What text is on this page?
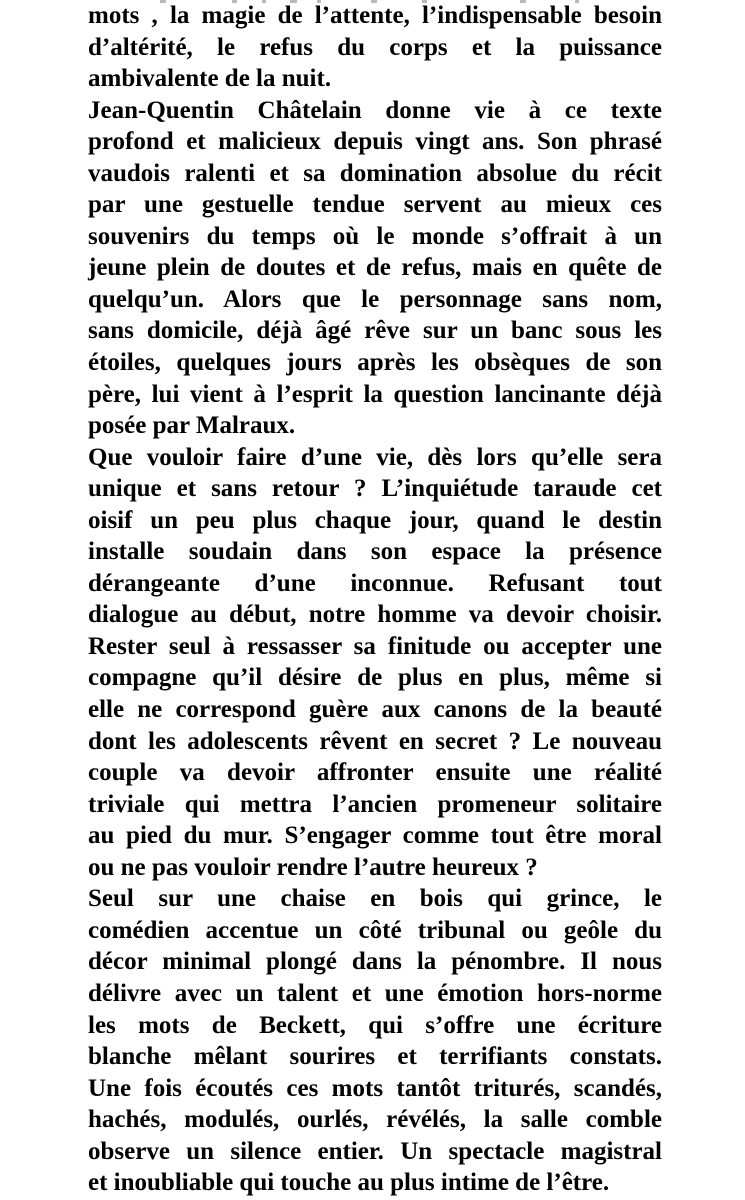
mots , la magie de l’attente, l’indispensable besoin
d’altérité, le refus du corps et la puissance
ambivalente de la nuit.
Jean-Quentin Châtelain donne vie à ce texte
profond et malicieux depuis vingt ans. Son phrasé
vaudois ralenti et sa domination absolue du récit
par une gestuelle tendue servent au mieux ces
souvenirs du temps où le monde s’offrait à un
jeune plein de doutes et de refus, mais en quête de
quelqu’un. Alors que le personnage sans nom,
sans domicile, déjà âgé rêve sur un banc sous les
étoiles, quelques jours après les obsèques de son
père, lui vient à l’esprit la question lancinante déjà
posée par Malraux.
Que vouloir faire d’une vie, dès lors qu’elle sera
unique et sans retour ? L’inquiétude taraude cet
oisif un peu plus chaque jour, quand le destin
installe soudain dans son espace la présence
dérangeante d’une inconnue. Refusant tout
dialogue au début, notre homme va devoir choisir.
Rester seul à ressasser sa finitude ou accepter une
compagne qu’il désire de plus en plus, même si
elle ne correspond guère aux canons de la beauté
dont les adolescents rêvent en secret ? Le nouveau
couple va devoir affronter ensuite une réalité
triviale qui mettra l’ancien promeneur solitaire
au pied du mur. S’engager comme tout être moral
ou ne pas vouloir rendre l’autre heureux ?
Seul sur une chaise en bois qui grince, le
comédien accentue un côté tribunal ou geôle du
décor minimal plongé dans la pénombre. Il nous
délivre avec un talent et une émotion hors-norme
les mots de Beckett, qui s’offre une écriture
blanche mêlant sourires et terrifiants constats.
Une fois écoutés ces mots tantôt triturés, scandés,
hachés, modulés, ourlés, révélés, la salle comble
observe un silence entier. Un spectacle magistral
et inoubliable qui touche au plus intime de l’être.
